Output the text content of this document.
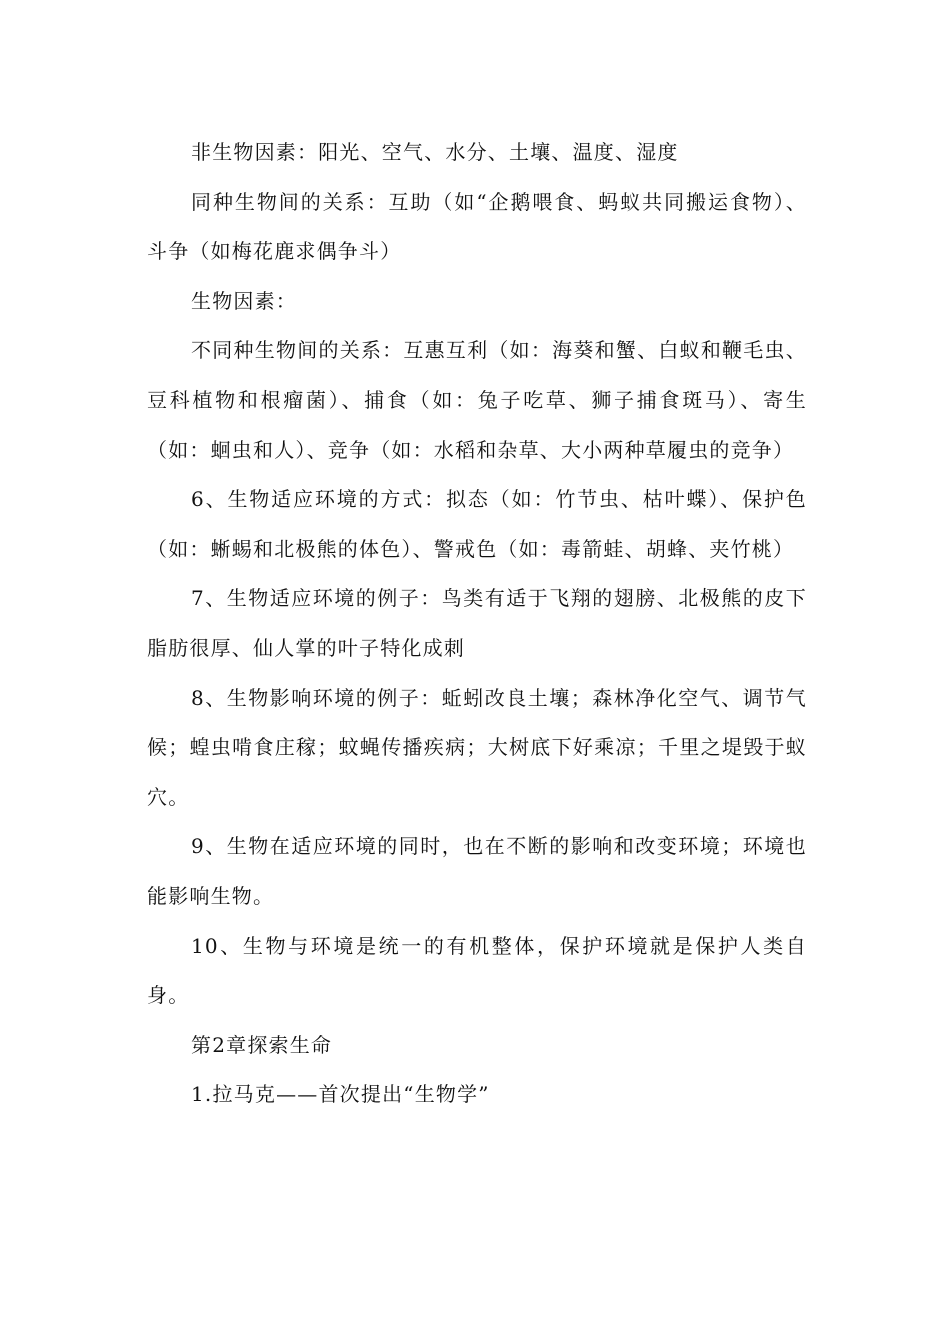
非生物因素：阳光、空气、水分、土壤、温度、湿度

同种生物间的关系：互助（如“企鹅喂食、蚂蚁共同搬运食物）、斗争（如梅花鹿求偶争斗）

生物因素：

不同种生物间的关系：互惠互利（如：海葵和蟹、白蚁和鞭毛虫、豆科植物和根瘤菌）、捕食（如：兔子吃草、狮子捕食斑马）、寄生（如：蛔虫和人）、竞争（如：水稻和杂草、大小两种草履虫的竞争）

6、生物适应环境的方式：拟态（如：竹节虫、枯叶蝶）、保护色（如：蜥蜴和北极熊的体色）、警戒色（如：毒箭蛙、胡蜂、夹竹桃）

7、生物适应环境的例子：鸟类有适于飞翔的翅膀、北极熊的皮下脂肪很厚、仙人掌的叶子特化成刺

8、生物影响环境的例子：蚯蚓改良土壤；森林净化空气、调节气候；蝗虫啃食庄稼；蚊蝇传播疾病；大树底下好乘凉；千里之堤毁于蚁穴。

9、生物在适应环境的同时，也在不断的影响和改变环境；环境也能影响生物。

10、生物与环境是统一的有机整体，保护环境就是保护人类自身。

第2章探索生命

1.拉马克——首次提出“生物学”
